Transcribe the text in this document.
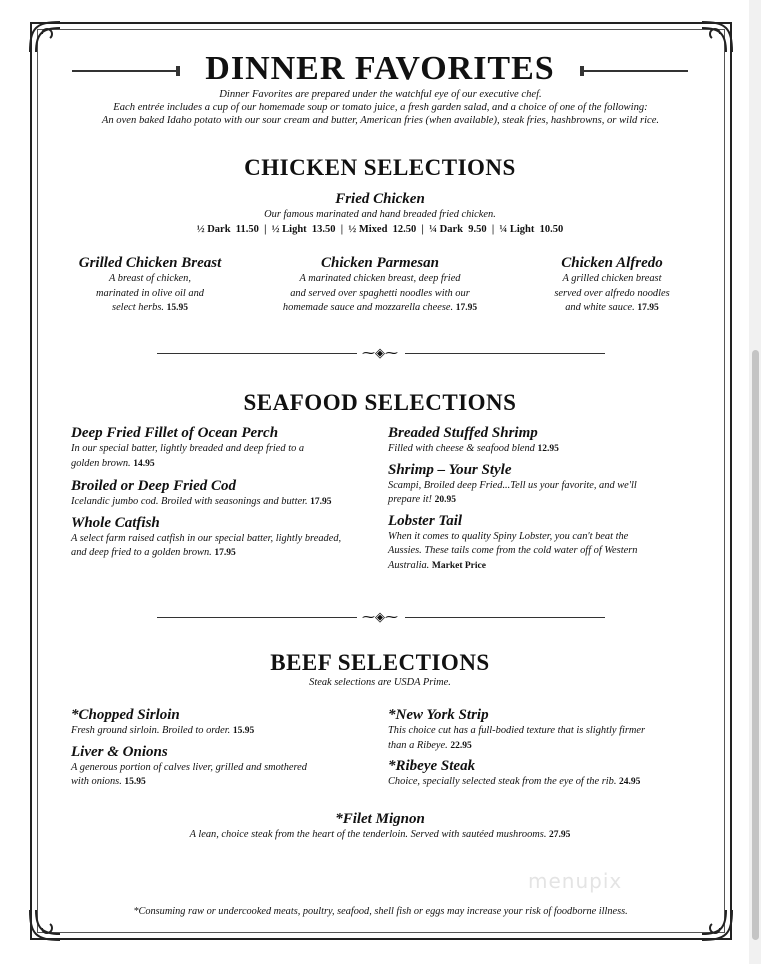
DINNER FAVORITES
Dinner Favorites are prepared under the watchful eye of our executive chef.
Each entrée includes a cup of our homemade soup or tomato juice, a fresh garden salad, and a choice of one of the following:
An oven baked Idaho potato with our sour cream and butter, American fries (when available), steak fries, hashbrowns, or wild rice.
CHICKEN SELECTIONS
Fried Chicken
Our famous marinated and hand breaded fried chicken.
½ Dark  11.50  |  ½ Light  13.50  |  ½ Mixed  12.50  |  ¼ Dark  9.50  |  ¼ Light  10.50
Grilled Chicken Breast
A breast of chicken,
marinated in olive oil and
select herbs. 15.95
Chicken Parmesan
A marinated chicken breast, deep fried
and served over spaghetti noodles with our
homemade sauce and mozzarella cheese. 17.95
Chicken Alfredo
A grilled chicken breast
served over alfredo noodles
and white sauce. 17.95
⁓◈⁓
SEAFOOD SELECTIONS
Deep Fried Fillet of Ocean Perch
In our special batter, lightly breaded and deep fried to a
golden brown. 14.95
Broiled or Deep Fried Cod
Icelandic jumbo cod. Broiled with seasonings and butter. 17.95
Whole Catfish
A select farm raised catfish in our special batter, lightly breaded,
and deep fried to a golden brown. 17.95
Breaded Stuffed Shrimp
Filled with cheese & seafood blend 12.95
Shrimp – Your Style
Scampi, Broiled deep Fried...Tell us your favorite, and we'll
prepare it! 20.95
Lobster Tail
When it comes to quality Spiny Lobster, you can't beat the
Aussies. These tails come from the cold water off of Western
Australia. Market Price
⁓◈⁓
BEEF SELECTIONS
Steak selections are USDA Prime.
*Chopped Sirloin
Fresh ground sirloin. Broiled to order. 15.95
Liver & Onions
A generous portion of calves liver, grilled and smothered
with onions. 15.95
*New York Strip
This choice cut has a full-bodied texture that is slightly firmer
than a Ribeye. 22.95
*Ribeye Steak
Choice, specially selected steak from the eye of the rib. 24.95
*Filet Mignon
A lean, choice steak from the heart of the tenderloin. Served with sautéed mushrooms. 27.95
menupix
*Consuming raw or undercooked meats, poultry, seafood, shell fish or eggs may increase your risk of foodborne illness.
